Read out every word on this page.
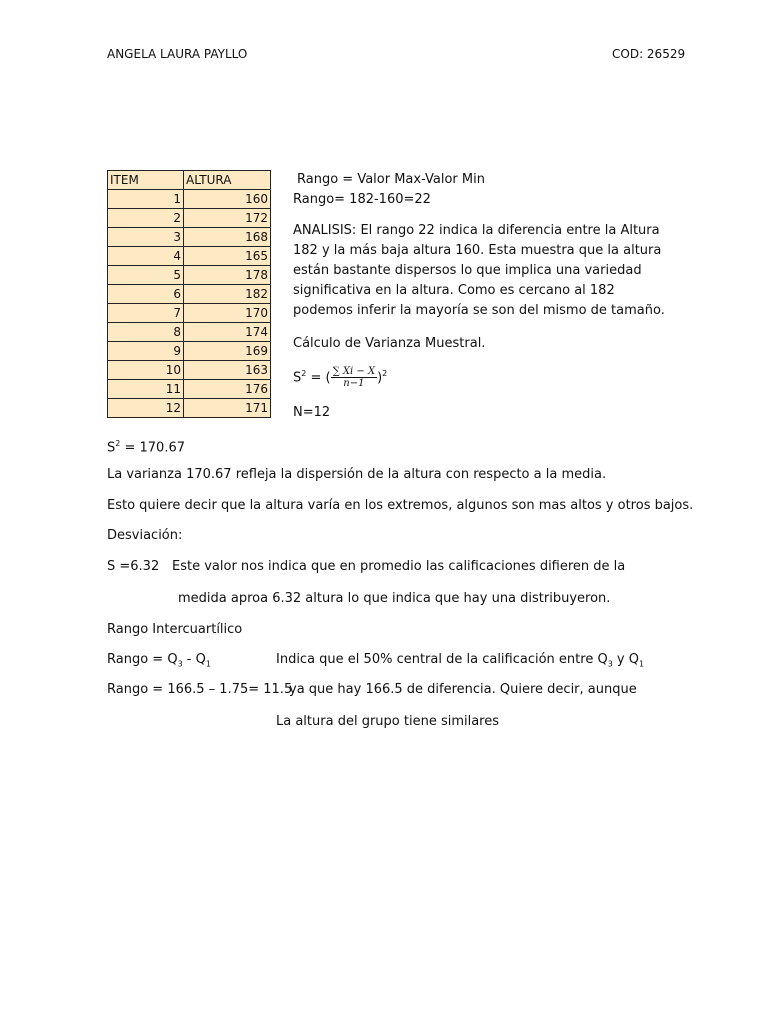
ANGELA LAURA PAYLLO	COD: 26529
ITEM	ALTURA
1	160
2	172
3	168
4	165
5	178
6	182
7	170
8	174
9	169
10	163
11	176
12	171
Rango = Valor Max-Valor Min
Rango= 182-160=22
ANALISIS: El rango 22 indica la diferencia entre la Altura 182 y la más baja altura 160. Esta muestra que la altura están bastante dispersos lo que implica una variedad significativa en la altura. Como es cercano al 182 podemos inferir la mayoría se son del mismo de tamaño.
Cálculo de Varianza Muestral.
$S^2$ = ( $\frac{\sum Xi - X}{n-1} )^2$
N=12
$S^2 = 170.67$
La varianza 170.67 refleja la dispersión de la altura con respecto a la media.
Esto quiere decir que la altura varía en los extremos, algunos son mas altos y otros bajos.
Desviación:
S =6.32 Este valor nos indica que en promedio las calificaciones difieren de la
medida aproa 6.32 altura lo que indica que hay una distribuyeron.
Rango Intercuartílico
Rango = $Q_3 - Q_1$	Indica que el 50% central de la calificación entre $Q_3$ y $Q_1$
Rango = 166.5 – 1.75= 11.5
ya que hay 166.5 de diferencia. Quiere decir, aunque
La altura del grupo tiene similares
